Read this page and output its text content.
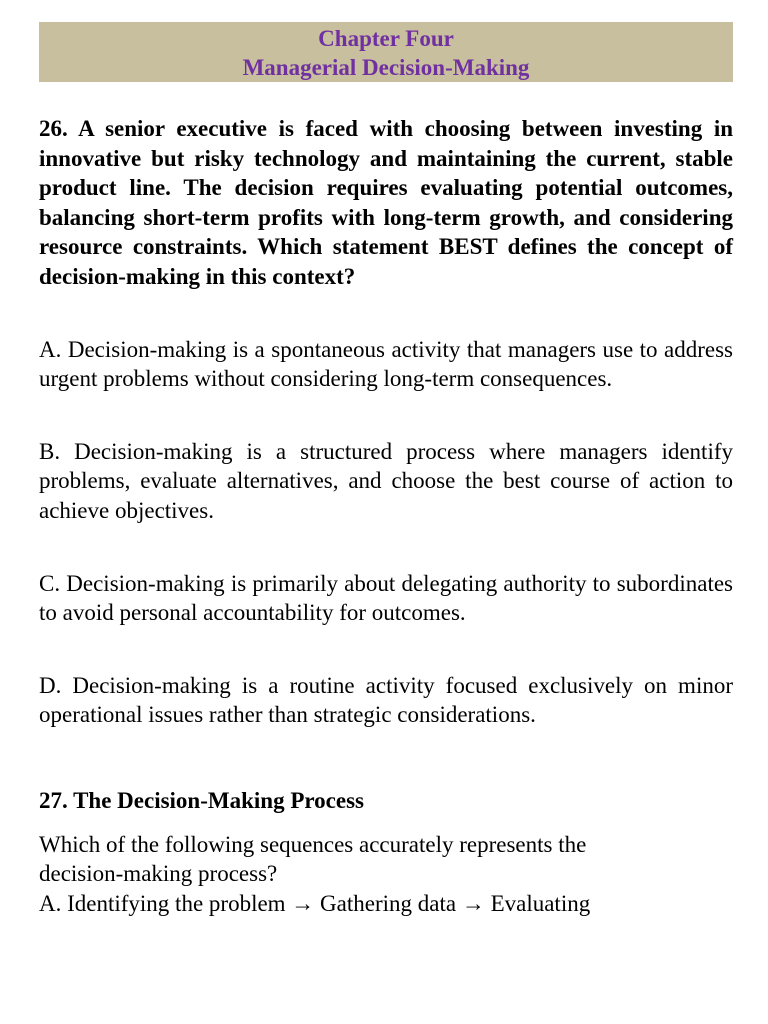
Chapter Four
Managerial Decision-Making
26. A senior executive is faced with choosing between investing in innovative but risky technology and maintaining the current, stable product line. The decision requires evaluating potential outcomes, balancing short-term profits with long-term growth, and considering resource constraints. Which statement BEST defines the concept of decision-making in this context?
A. Decision-making is a spontaneous activity that managers use to address urgent problems without considering long-term consequences.
B. Decision-making is a structured process where managers identify problems, evaluate alternatives, and choose the best course of action to achieve objectives.
C. Decision-making is primarily about delegating authority to subordinates to avoid personal accountability for outcomes.
D. Decision-making is a routine activity focused exclusively on minor operational issues rather than strategic considerations.
27. The Decision-Making Process
Which of the following sequences accurately represents the decision-making process?
A. Identifying the problem → Gathering data → Evaluating
